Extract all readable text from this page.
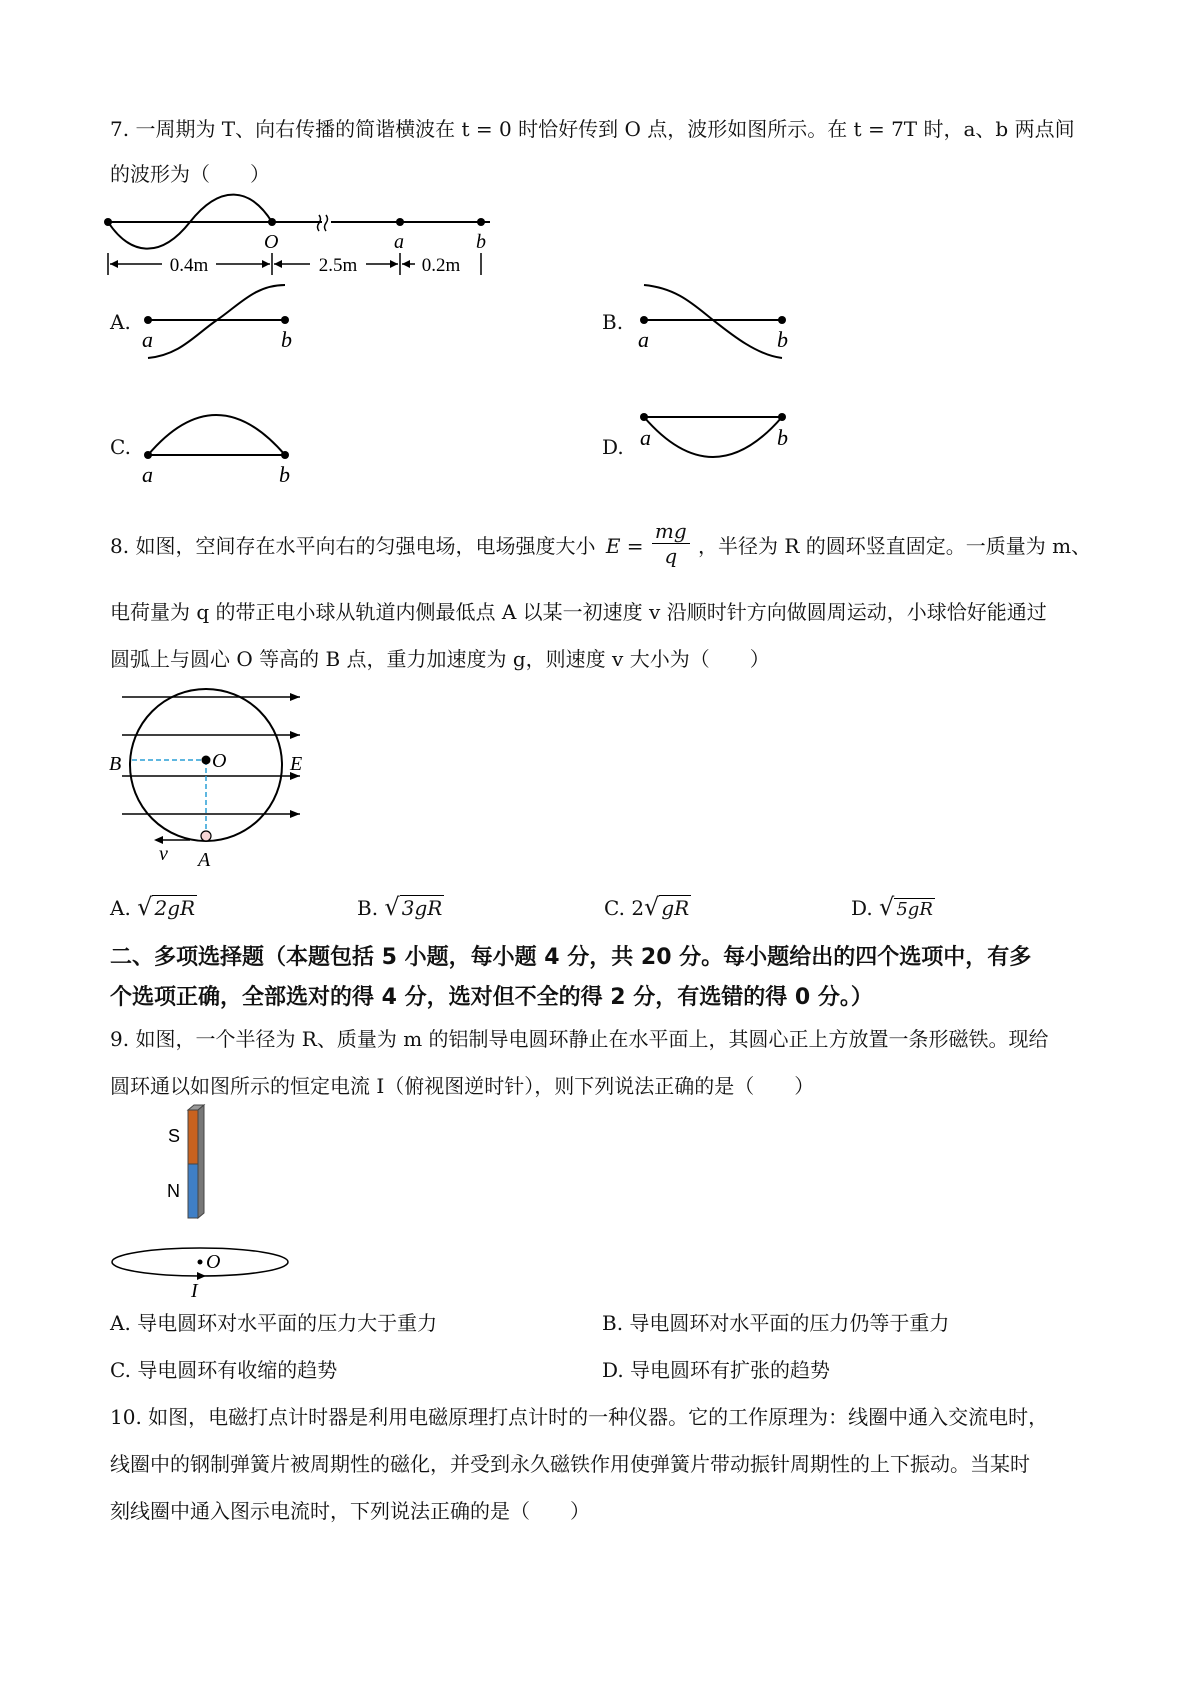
7. 一周期为 T、向右传播的简谐横波在 t = 0 时恰好传到 O 点，波形如图所示。在 t = 7T 时，a、b 两点间
的波形为（　　）
O	a	b
0.4m	2.5m	0.2m
A.
a	b
B.
a	b
C.
a	b
D. a	b
8. 如图，空间存在水平向右的匀强电场，电场强度大小 $E = \frac{mg}{q}$ ，半径为 R 的圆环竖直固定。一质量为 m、
电荷量为 q 的带正电小球从轨道内侧最低点 A 以某一初速度 v 沿顺时针方向做圆周运动，小球恰好能通过
圆弧上与圆心 O 等高的 B 点，重力加速度为 g，则速度 v 大小为（　　）
B	O	E
A
v
A. √ 2gR	B. √ 3gR	C. 2√ gR	D. √ 5gR
二、多项选择题（本题包括 5 小题，每小题 4 分，共 20 分。每小题给出的四个选项中，有多
个选项正确，全部选对的得 4 分，选对但不全的得 2 分，有选错的得 0 分。）
9. 如图，一个半径为 R、质量为 m 的铝制导电圆环静止在水平面上，其圆心正上方放置一条形磁铁。现给
圆环通以如图所示的恒定电流 I（俯视图逆时针），则下列说法正确的是（　　）
S
N
O
I
A. 导电圆环对水平面的压力大于重力	B. 导电圆环对水平面的压力仍等于重力
C. 导电圆环有收缩的趋势	D. 导电圆环有扩张的趋势
10. 如图，电磁打点计时器是利用电磁原理打点计时的一种仪器。它的工作原理为：线圈中通入交流电时，
线圈中的钢制弹簧片被周期性的磁化，并受到永久磁铁作用使弹簧片带动振针周期性的上下振动。当某时
刻线圈中通入图示电流时，下列说法正确的是（　　）
